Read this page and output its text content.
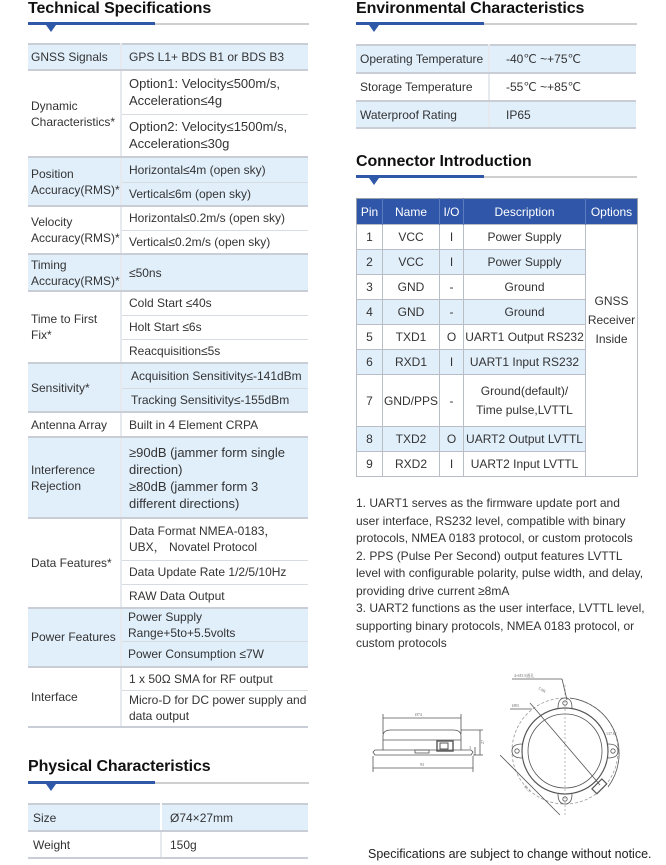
Technical Specifications
GNSS Signals	GPS L1+ BDS B1 or BDS B3
Dynamic Characteristics*	Option1: Velocity≤500m/s, Acceleration≤4g
	Option2: Velocity≤1500m/s, Acceleration≤30g
Position Accuracy(RMS)*	Horizontal≤4m (open sky)
	Vertical≤6m (open sky)
Velocity Accuracy(RMS)*	Horizontal≤0.2m/s (open sky)
	Vertical≤0.2m/s (open sky)
Timing Accuracy(RMS)*	≤50ns
Time to First Fix*	Cold Start ≤40s
	Holt Start ≤6s
	Reacquisition≤5s
Sensitivity*	Acquisition Sensitivity≤-141dBm
	Tracking Sensitivity≤-155dBm
Antenna Array	Built in 4 Element CRPA
Interference Rejection	≥90dB (jammer form single direction)
≥80dB (jammer form 3 different directions)

Data Features*	Data Format NMEA-0183， UBX， Novatel Protocol
	Data Update Rate 1/2/5/10Hz
	RAW Data Output
Power Features	Power Supply Range+5to+5.5volts
	Power Consumption ≤7W
Interface	1 x 50Ω SMA for RF output
	Micro-D for DC power supply and data output
Physical Characteristics
Size	Ø74×27mm
Weight	150g
Environmental Characteristics
Operating Temperature	-40℃ ~+75℃
Storage Temperature	-55℃ ~+85℃
Waterproof Rating	IP65
Connector Introduction
Pin	Name	I/O	Description	Options
1	VCC	I	Power Supply	GNSS
Receiver
Inside

2	VCC	I	Power Supply	
3	GND	-	Ground	
4	GND	-	Ground	
5	TXD1	O	UART1 Output RS232	
6	RXD1	I	UART1 Input RS232	
7	GND/PPS	-	Ground(default)/
Time pulse,LVTTL	

8	TXD2	O	UART2 Output LVTTL	
9	RXD2	I	UART2 Input LVTTL	

1. UART1 serves as the firmware update port and user interface, RS232 level, compatible with binary protocols, NMEA 0183 protocol, or custom protocols

2. PPS (Pulse Per Second) output features LVTTL level with configurable polarity, pulse width, and delay, providing drive current ≥8mA

3. UART2 functions as the user interface, LVTTL level, supporting binary protocols, NMEA 0183 protocol, or custom protocols

Ø74
93
27
3
4×Ø3.5通孔
5.8R
Ø83
137.6°
81.3
Specifications are subject to change without notice.
